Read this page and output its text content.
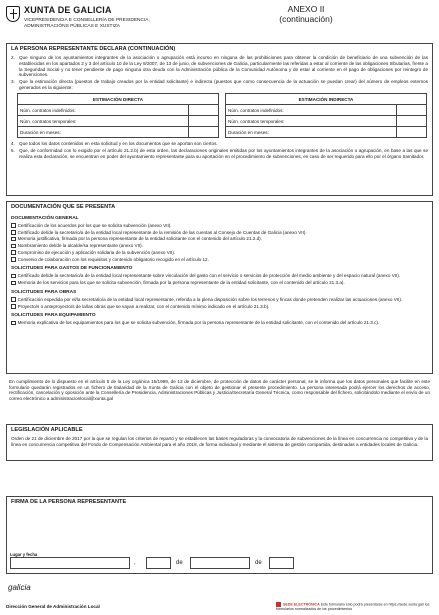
XUNTA DE GALICIA
VICEPRESIDENCIA E CONSELLERÍA DE PRESIDENCIA,
ADMINISTRACIÓNS PÚBLICAS E XUSTIZA
ANEXO II
(continuación)
LA PERSONA REPRESENTANTE DECLARA (CONTINUACIÓN)
2. Que ninguno de los ayuntamientos integrantes de la asociación o agrupación está incurso en ninguna de las prohibiciones para obtener la condición de beneficiario de una subvención de las establecidas en los apartados 2 y 3 del artículo 10 de la Ley 9/2007, de 13 de junio, de subvenciones de Galicia, particularmente las referidas a estar al corriente de las obligaciones tributarias, frente a la Seguridad Social y no tener pendiente de pago ninguna otra deuda con la Administración pública de la Comunidad Autónoma y de estar al corriente en el pago de obligaciones por reintegro de subvenciones.
3. Que la estimación directa (puestos de trabajo creados por la entidad solicitante) e indirecta (puestos que como consecuencia de la actuación se puedan crear) del número de empleos externos generados es la siguiente:
ESTIMACIÓN DIRECTA	
Núm. contratos indefinidos:	
Núm. contratos temporales:	
Duración en meses:	
ESTIMACIÓN INDIRECTA	
Núm. contratos indefinidos:	
Núm. contratos temporales:	
Duración en meses:	
4. Que todos los datos contenidos en esta solicitud y en los documentos que se aportan son ciertos.
5. Que, de conformidad con lo exigido por el artículo 21.2.b) de esta orden, las declaraciones originales emitidas por los ayuntamientos integrantes de la asociación o agrupación, en base a las que se realiza esta declaración, se encuentran en poder del ayuntamiento representante para su aportación en el procedimiento de subvenciones, en caso de ser requerido para ello por el órgano tramitador.
DOCUMENTACIÓN QUE SE PRESENTA
DOCUMENTACIÓN GENERAL
Certificación de los acuerdos por los que se solicita subvención (anexo VII).
Certificado del/de la secretario/a de la entidad local representante de la remisión de las cuentas al Consejo de Cuentas de Galicia (anexo VII).
Memoria justificativa, firmada por la persona representante de la entidad solicitante con el contenido del artículo 21.2.d).
Nombramiento del/de la alcalde/sa representante (anexo VII).
Compromiso de ejecución y aplicación solidaria de la subvención (anexo VII).
Convenio de colaboración con los requisitos y contenido obligatorio recogido en el artículo 12.
SOLICITUDES PARA GASTOS DE FUNCIONAMIENTO
Certificado del/de la secretario/a de la entidad local representante sobre vinculación del gasto con el servicio o servicios de protección del medio ambiente y del espacio natural (anexo VII).
Memoria de los servicios para los que se solicita subvención, firmada por la persona representante de la entidad solicitante, con el contenido del artículo 21.3.a).
SOLICITUDES PARA OBRAS
Certificación expedida por el/la secretario/a de la entidad local representante, referida a la plena disposición sobre los terrenos y fincas donde pretenden realizar las actuaciones (anexo VII).
Proyecto/s o anteproyecto/s de la/las obras que se vayan a realizar, con el contenido mínimo indicado en el artículo 21.3.b).
SOLICITUDES PARA EQUIPAMIENTO
Memoria explicativa de los equipamientos para los que se solicita subvención, firmada por la persona representante de la entidad solicitante, con el contenido del artículo 21.3.c).
En cumplimiento de lo dispuesto en el artículo 5 de la Ley orgánica 15/1999, de 13 de diciembre, de protección de datos de carácter personal, se le informa que los datos personales que facilite en este formulario quedarán registrados en un fichero de titularidad de la Xunta de Galicia con el objeto de gestionar el presente procedimiento. La persona interesada podrá ejercer los derechos de acceso, rectificación, cancelación y oposición ante la Consellería de Presidencia, Administraciones Públicas y Justicia/Secretaría General Técnica, como responsable del fichero, solicitándolo mediante el envío de un correo electrónico a administracionlocal@xunta.gal
LEGISLACIÓN APLICABLE
Orden de 21 de diciembre de 2017 por la que se regulan los criterios de reparto y se establecen las bases reguladoras y la convocatoria de subvenciones de la línea en concurrencia no competitiva y de la línea en concurrencia competitiva del Fondo de Compensación Ambiental para el año 2018, de forma individual y mediante el sistema de gestión compartida, destinadas a entidades locales de Galicia.
FIRMA DE LA PERSONA REPRESENTANTE
Lugar y fecha
,	de	de
galicia
Dirección General de Administración Local	SEDE ELECTRÓNICA Este formulario sólo podrá presentarse en https://sede.xunta.gal/ los formularios normalizados de los procedimientos
